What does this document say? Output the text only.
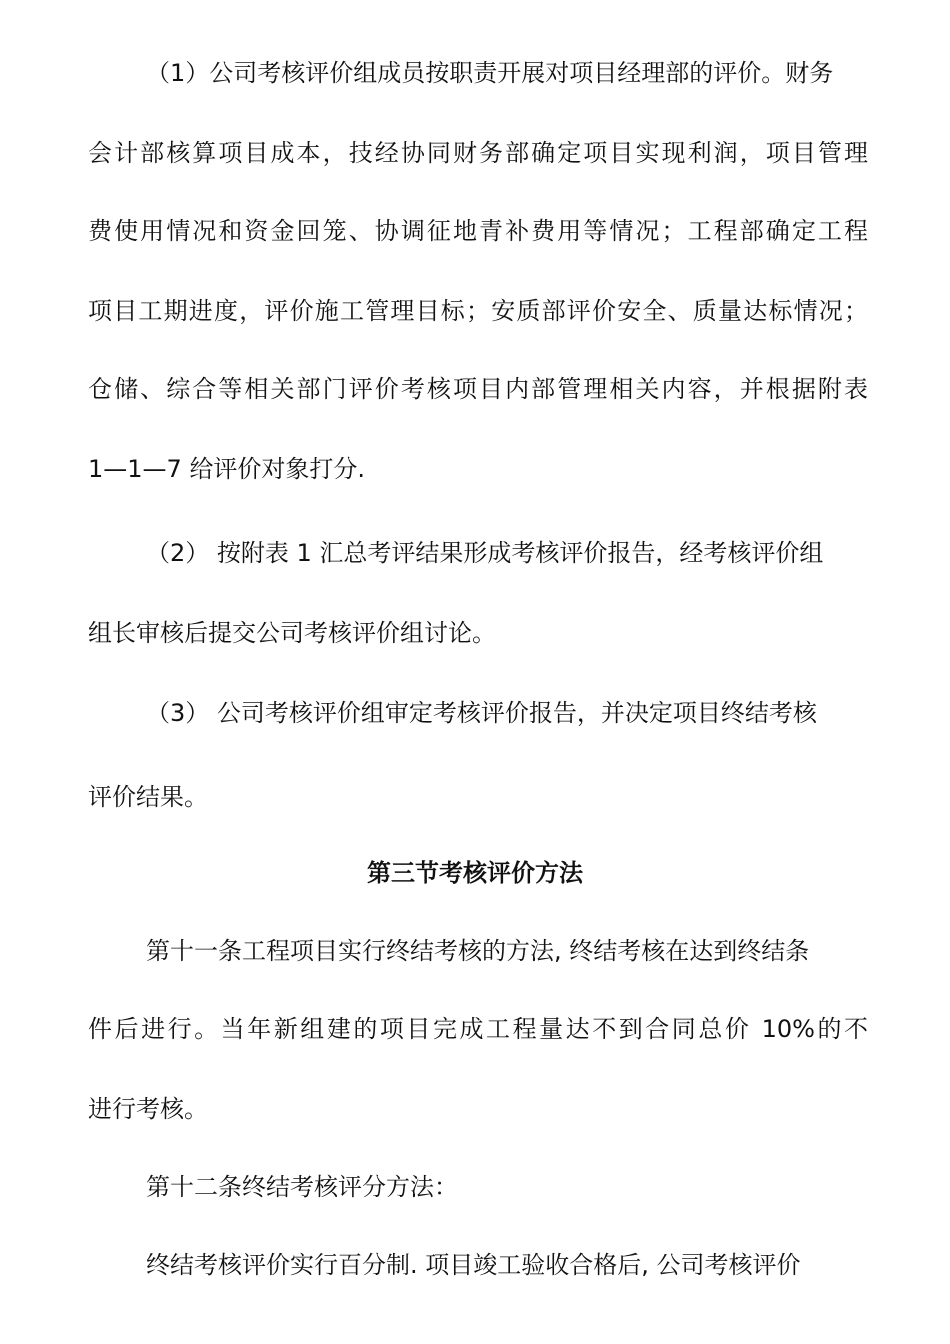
（1）公司考核评价组成员按职责开展对项目经理部的评价。财务
会计部核算项目成本，技经协同财务部确定项目实现利润，项目管理
费使用情况和资金回笼、协调征地青补费用等情况；工程部确定工程
项目工期进度，评价施工管理目标；安质部评价安全、质量达标情况；
仓储、综合等相关部门评价考核项目内部管理相关内容，并根据附表
1—1—7 给评价对象打分.
（2） 按附表 1 汇总考评结果形成考核评价报告，经考核评价组
组长审核后提交公司考核评价组讨论。
（3） 公司考核评价组审定考核评价报告，并决定项目终结考核
评价结果。
第三节考核评价方法
第十一条工程项目实行终结考核的方法, 终结考核在达到终结条
件后进行。当年新组建的项目完成工程量达不到合同总价 10%的不
进行考核。
第十二条终结考核评分方法：
终结考核评价实行百分制. 项目竣工验收合格后, 公司考核评价
